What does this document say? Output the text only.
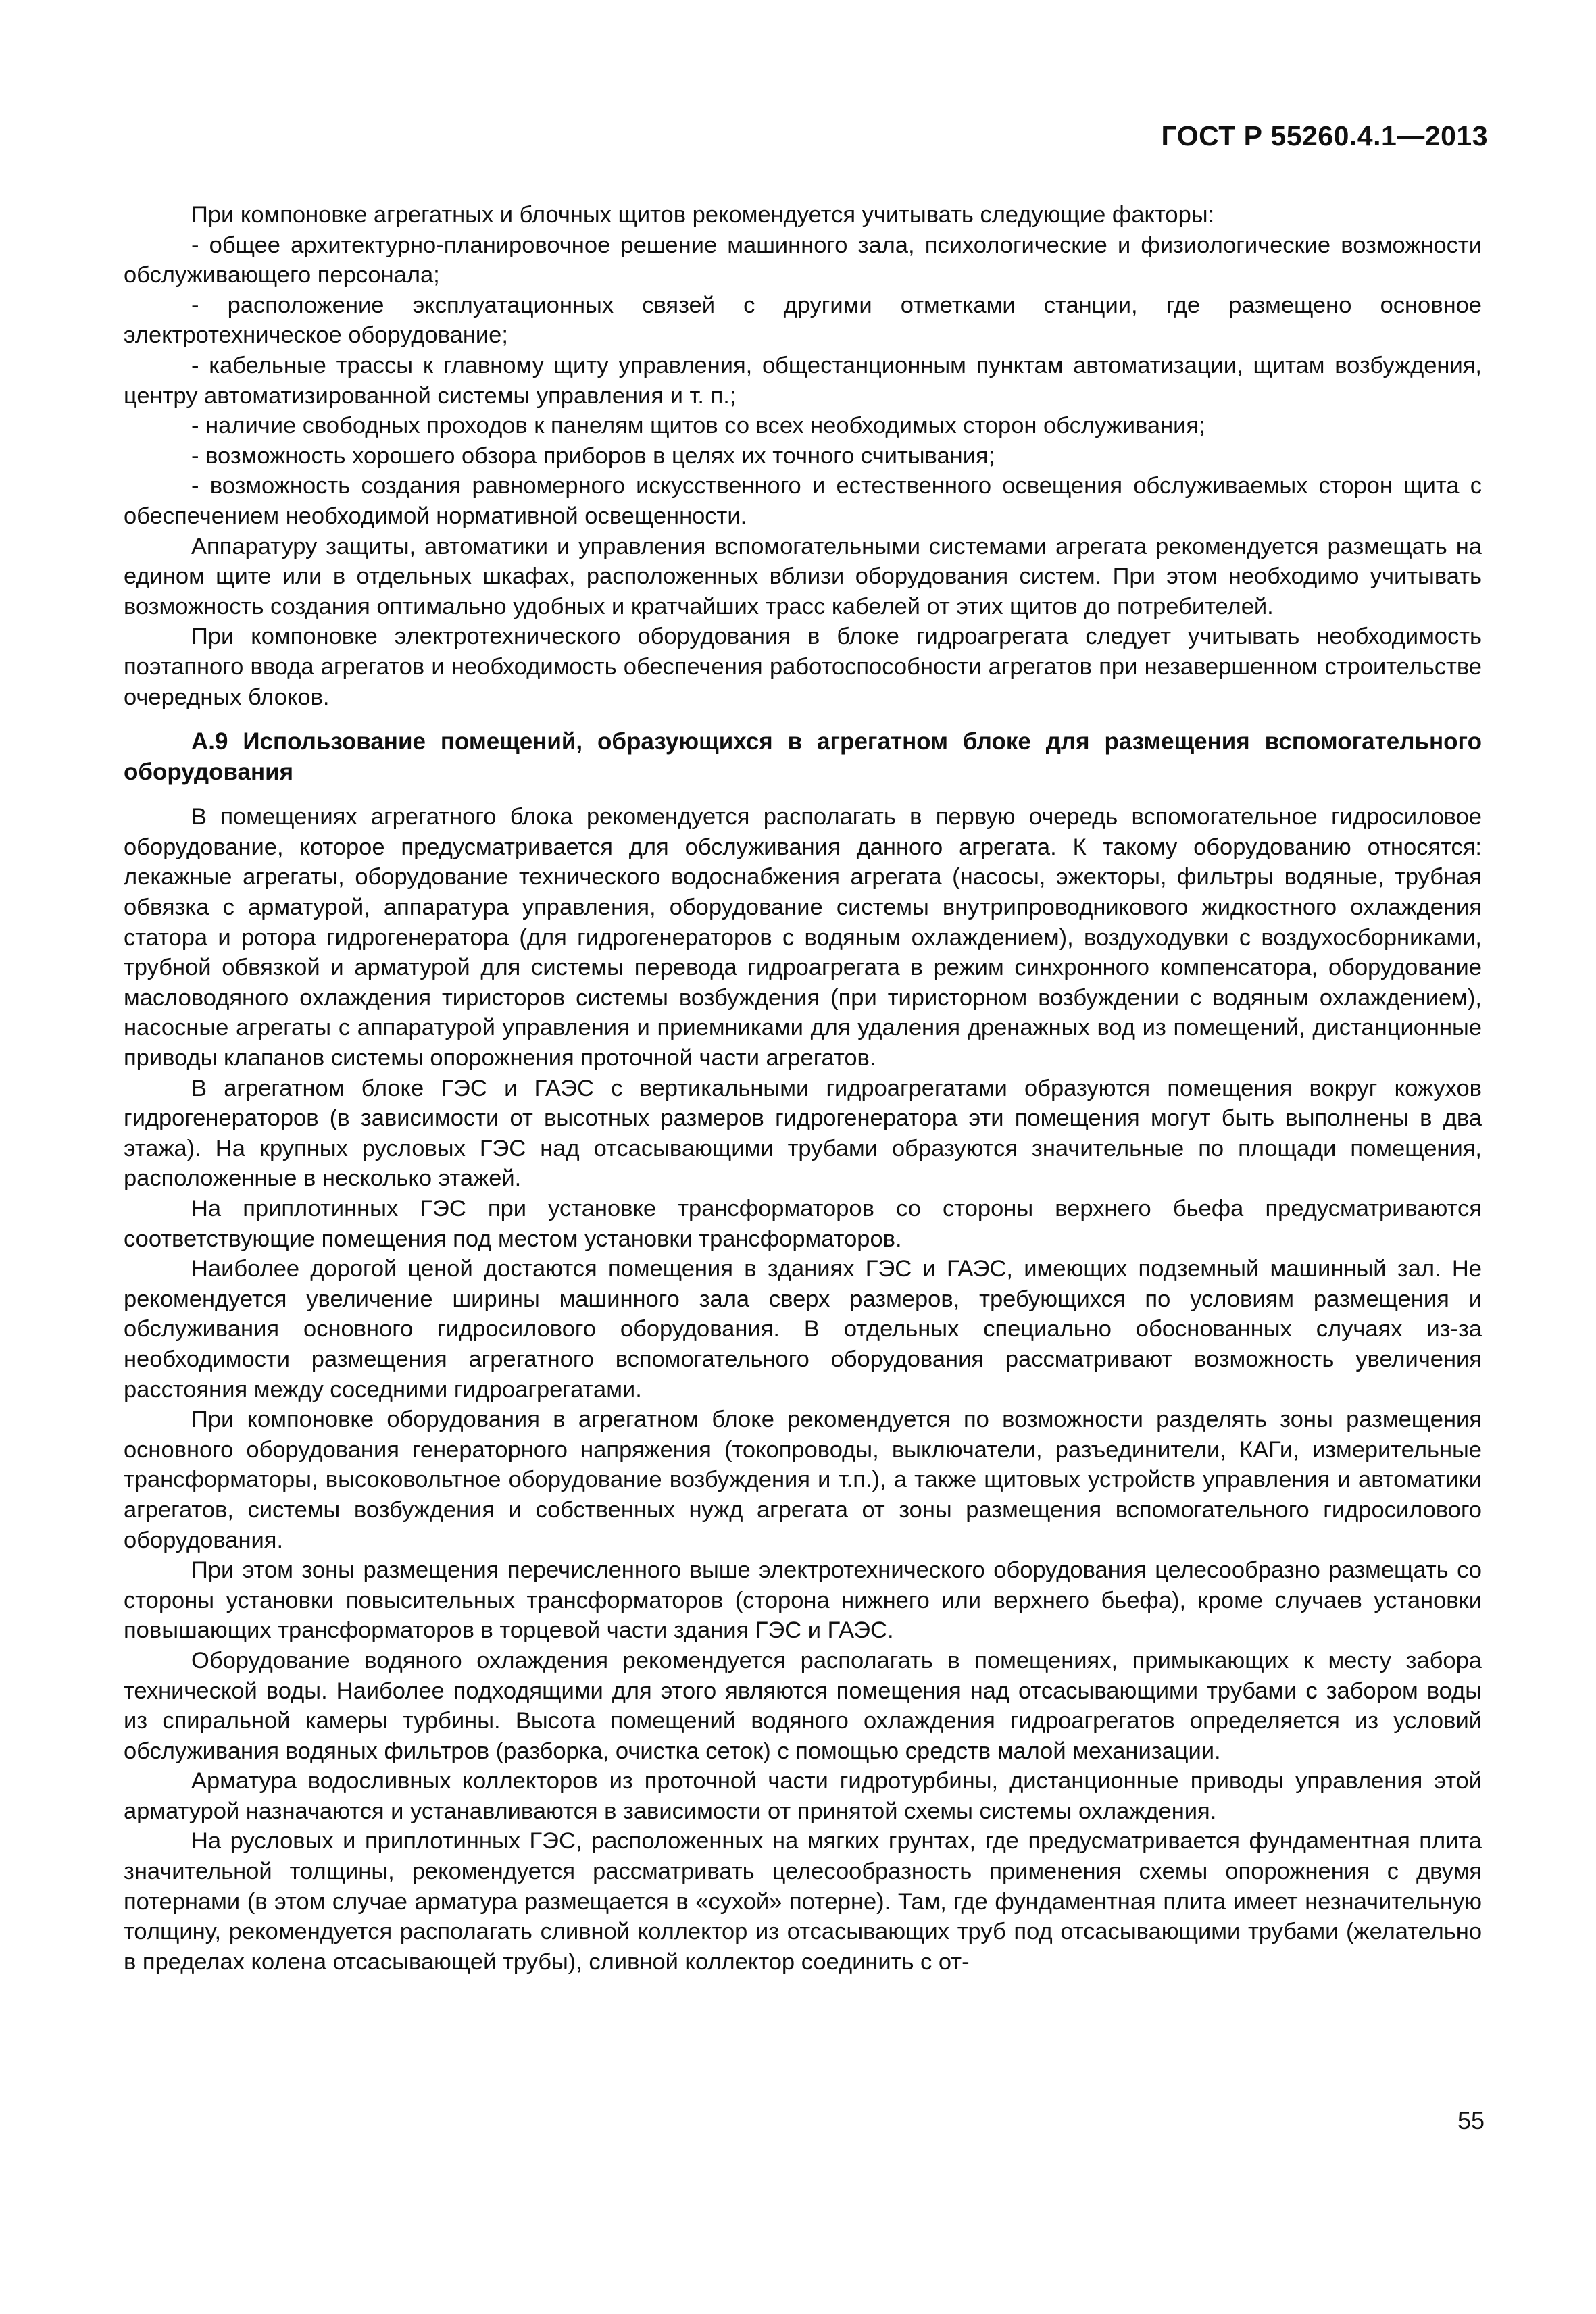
ГОСТ Р 55260.4.1—2013

При компоновке агрегатных и блочных щитов рекомендуется учитывать следующие факторы:

- общее архитектурно-планировочное решение машинного зала, психологические и физиологические возможности обслуживающего персонала;

- расположение эксплуатационных связей с другими отметками станции, где размещено основное электротехническое оборудование;

- кабельные трассы к главному щиту управления, общестанционным пунктам автоматизации, щитам возбуждения, центру автоматизированной системы управления и т. п.;

- наличие свободных проходов к панелям щитов со всех необходимых сторон обслуживания;

- возможность хорошего обзора приборов в целях их точного считывания;

- возможность создания равномерного искусственного и естественного освещения обслуживаемых сторон щита с обеспечением необходимой нормативной освещенности.

Аппаратуру защиты, автоматики и управления вспомогательными системами агрегата рекомендуется размещать на едином щите или в отдельных шкафах, расположенных вблизи оборудования систем. При этом необходимо учитывать возможность создания оптимально удобных и кратчайших трасс кабелей от этих щитов до потребителей.

При компоновке электротехнического оборудования в блоке гидроагрегата следует учитывать необходимость поэтапного ввода агрегатов и необходимость обеспечения работоспособности агрегатов при незавершенном строительстве очередных блоков.

А.9 Использование помещений, образующихся в агрегатном блоке для размещения вспомогательного оборудования

В помещениях агрегатного блока рекомендуется располагать в первую очередь вспомогательное гидросиловое оборудование, которое предусматривается для обслуживания данного агрегата. К такому оборудованию относятся: лекажные агрегаты, оборудование технического водоснабжения агрегата (насосы, эжекторы, фильтры водяные, трубная обвязка с арматурой, аппаратура управления, оборудование системы внутрипроводникового жидкостного охлаждения статора и ротора гидрогенератора (для гидрогенераторов с водяным охлаждением), воздуходувки с воздухосборниками, трубной обвязкой и арматурой для системы перевода гидроагрегата в режим синхронного компенсатора, оборудование масловодяного охлаждения тиристоров системы возбуждения (при тиристорном возбуждении с водяным охлаждением), насосные агрегаты с аппаратурой управления и приемниками для удаления дренажных вод из помещений, дистанционные приводы клапанов системы опорожнения проточной части агрегатов.

В агрегатном блоке ГЭС и ГАЭС с вертикальными гидроагрегатами образуются помещения вокруг кожухов гидрогенераторов (в зависимости от высотных размеров гидрогенератора эти помещения могут быть выполнены в два этажа). На крупных русловых ГЭС над отсасывающими трубами образуются значительные по площади помещения, расположенные в несколько этажей.

На приплотинных ГЭС при установке трансформаторов со стороны верхнего бьефа предусматриваются соответствующие помещения под местом установки трансформаторов.

Наиболее дорогой ценой достаются помещения в зданиях ГЭС и ГАЭС, имеющих подземный машинный зал. Не рекомендуется увеличение ширины машинного зала сверх размеров, требующихся по условиям размещения и обслуживания основного гидросилового оборудования. В отдельных специально обоснованных случаях из-за необходимости размещения агрегатного вспомогательного оборудования рассматривают возможность увеличения расстояния между соседними гидроагрегатами.

При компоновке оборудования в агрегатном блоке рекомендуется по возможности разделять зоны размещения основного оборудования генераторного напряжения (токопроводы, выключатели, разъединители, КАГи, измерительные трансформаторы, высоковольтное оборудование возбуждения и т.п.), а также щитовых устройств управления и автоматики агрегатов, системы возбуждения и собственных нужд агрегата от зоны размещения вспомогательного гидросилового оборудования.

При этом зоны размещения перечисленного выше электротехнического оборудования целесообразно размещать со стороны установки повысительных трансформаторов (сторона нижнего или верхнего бьефа), кроме случаев установки повышающих трансформаторов в торцевой части здания ГЭС и ГАЭС.

Оборудование водяного охлаждения рекомендуется располагать в помещениях, примыкающих к месту забора технической воды. Наиболее подходящими для этого являются помещения над отсасывающими трубами с забором воды из спиральной камеры турбины. Высота помещений водяного охлаждения гидроагрегатов определяется из условий обслуживания водяных фильтров (разборка, очистка сеток) с помощью средств малой механизации.

Арматура водосливных коллекторов из проточной части гидротурбины, дистанционные приводы управления этой арматурой назначаются и устанавливаются в зависимости от принятой схемы системы охлаждения.

На русловых и приплотинных ГЭС, расположенных на мягких грунтах, где предусматривается фундаментная плита значительной толщины, рекомендуется рассматривать целесообразность применения схемы опорожнения с двумя потернами (в этом случае арматура размещается в «сухой» потерне). Там, где фундаментная плита имеет незначительную толщину, рекомендуется располагать сливной коллектор из отсасывающих труб под отсасывающими трубами (желательно в пределах колена отсасывающей трубы), сливной коллектор соединить с от-

55
